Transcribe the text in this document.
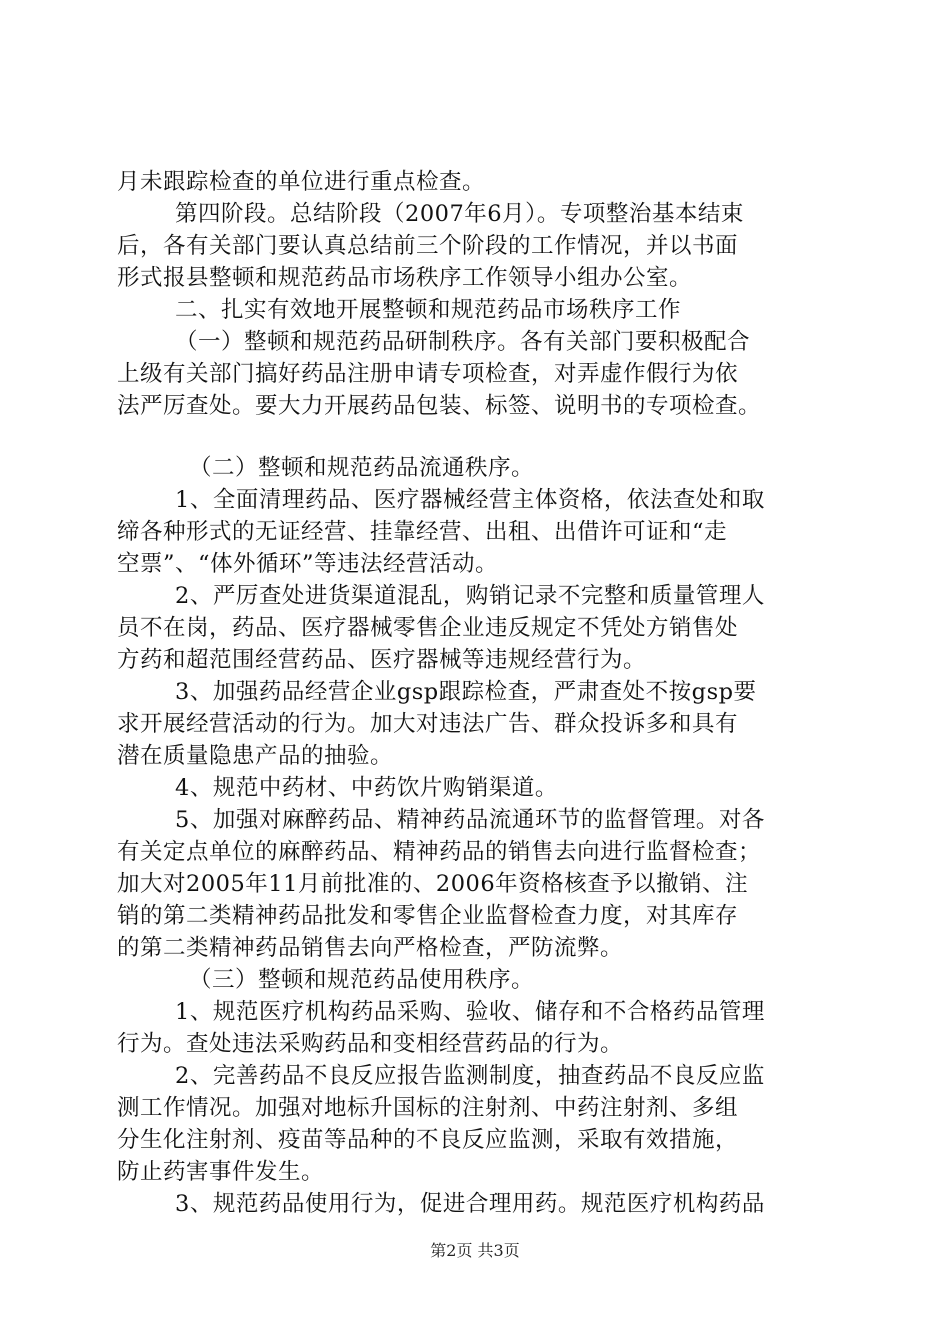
月未跟踪检查的单位进行重点检查。
第四阶段。总结阶段（2007年6月）。专项整治基本结束
后，各有关部门要认真总结前三个阶段的工作情况，并以书面
形式报县整顿和规范药品市场秩序工作领导小组办公室。
二、扎实有效地开展整顿和规范药品市场秩序工作
（一）整顿和规范药品研制秩序。各有关部门要积极配合
上级有关部门搞好药品注册申请专项检查，对弄虚作假行为依
法严厉查处。要大力开展药品包装、标签、说明书的专项检查。
（二）整顿和规范药品流通秩序。
1、全面清理药品、医疗器械经营主体资格，依法查处和取
缔各种形式的无证经营、挂靠经营、出租、出借许可证和“走
空票”、“体外循环”等违法经营活动。
2、严厉查处进货渠道混乱，购销记录不完整和质量管理人
员不在岗，药品、医疗器械零售企业违反规定不凭处方销售处
方药和超范围经营药品、医疗器械等违规经营行为。
3、加强药品经营企业gsp跟踪检查，严肃查处不按gsp要
求开展经营活动的行为。加大对违法广告、群众投诉多和具有
潜在质量隐患产品的抽验。
4、规范中药材、中药饮片购销渠道。
5、加强对麻醉药品、精神药品流通环节的监督管理。对各
有关定点单位的麻醉药品、精神药品的销售去向进行监督检查；
加大对2005年11月前批准的、2006年资格核查予以撤销、注
销的第二类精神药品批发和零售企业监督检查力度，对其库存
的第二类精神药品销售去向严格检查，严防流弊。
（三）整顿和规范药品使用秩序。
1、规范医疗机构药品采购、验收、储存和不合格药品管理
行为。查处违法采购药品和变相经营药品的行为。
2、完善药品不良反应报告监测制度，抽查药品不良反应监
测工作情况。加强对地标升国标的注射剂、中药注射剂、多组
分生化注射剂、疫苗等品种的不良反应监测，采取有效措施，
防止药害事件发生。
3、规范药品使用行为，促进合理用药。规范医疗机构药品
第2页 共3页
